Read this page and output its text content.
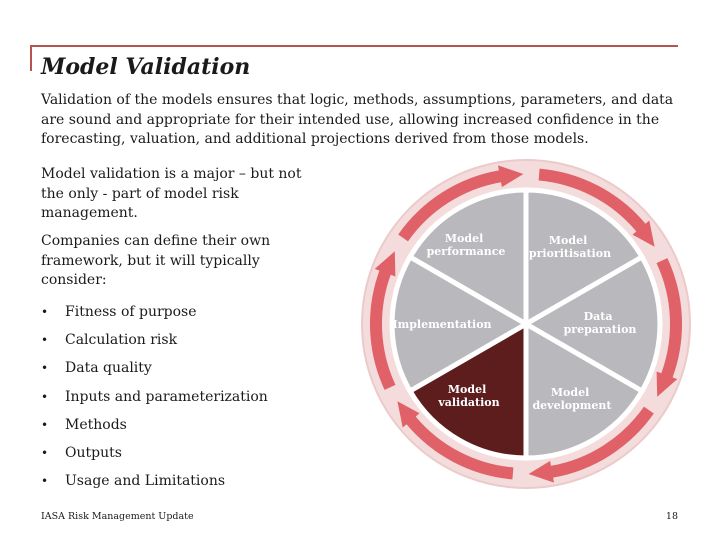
Model Validation
Validation of the models ensures that logic, methods, assumptions, parameters, and data are sound and appropriate for their intended use, allowing increased confidence in the forecasting, valuation, and additional projections derived from those models.
Model validation is a major – but not the only - part of model risk management.
Companies can define their own framework, but it will typically consider:
•	Fitness of purpose
•	Calculation risk
•	Data quality
•	Inputs and parameterization
•	Methods
•	Outputs
•	Usage and Limitations
Model performance
Model prioritisation
Data preparation
Model development
Model validation
Implementation
IASA Risk Management Update	18
